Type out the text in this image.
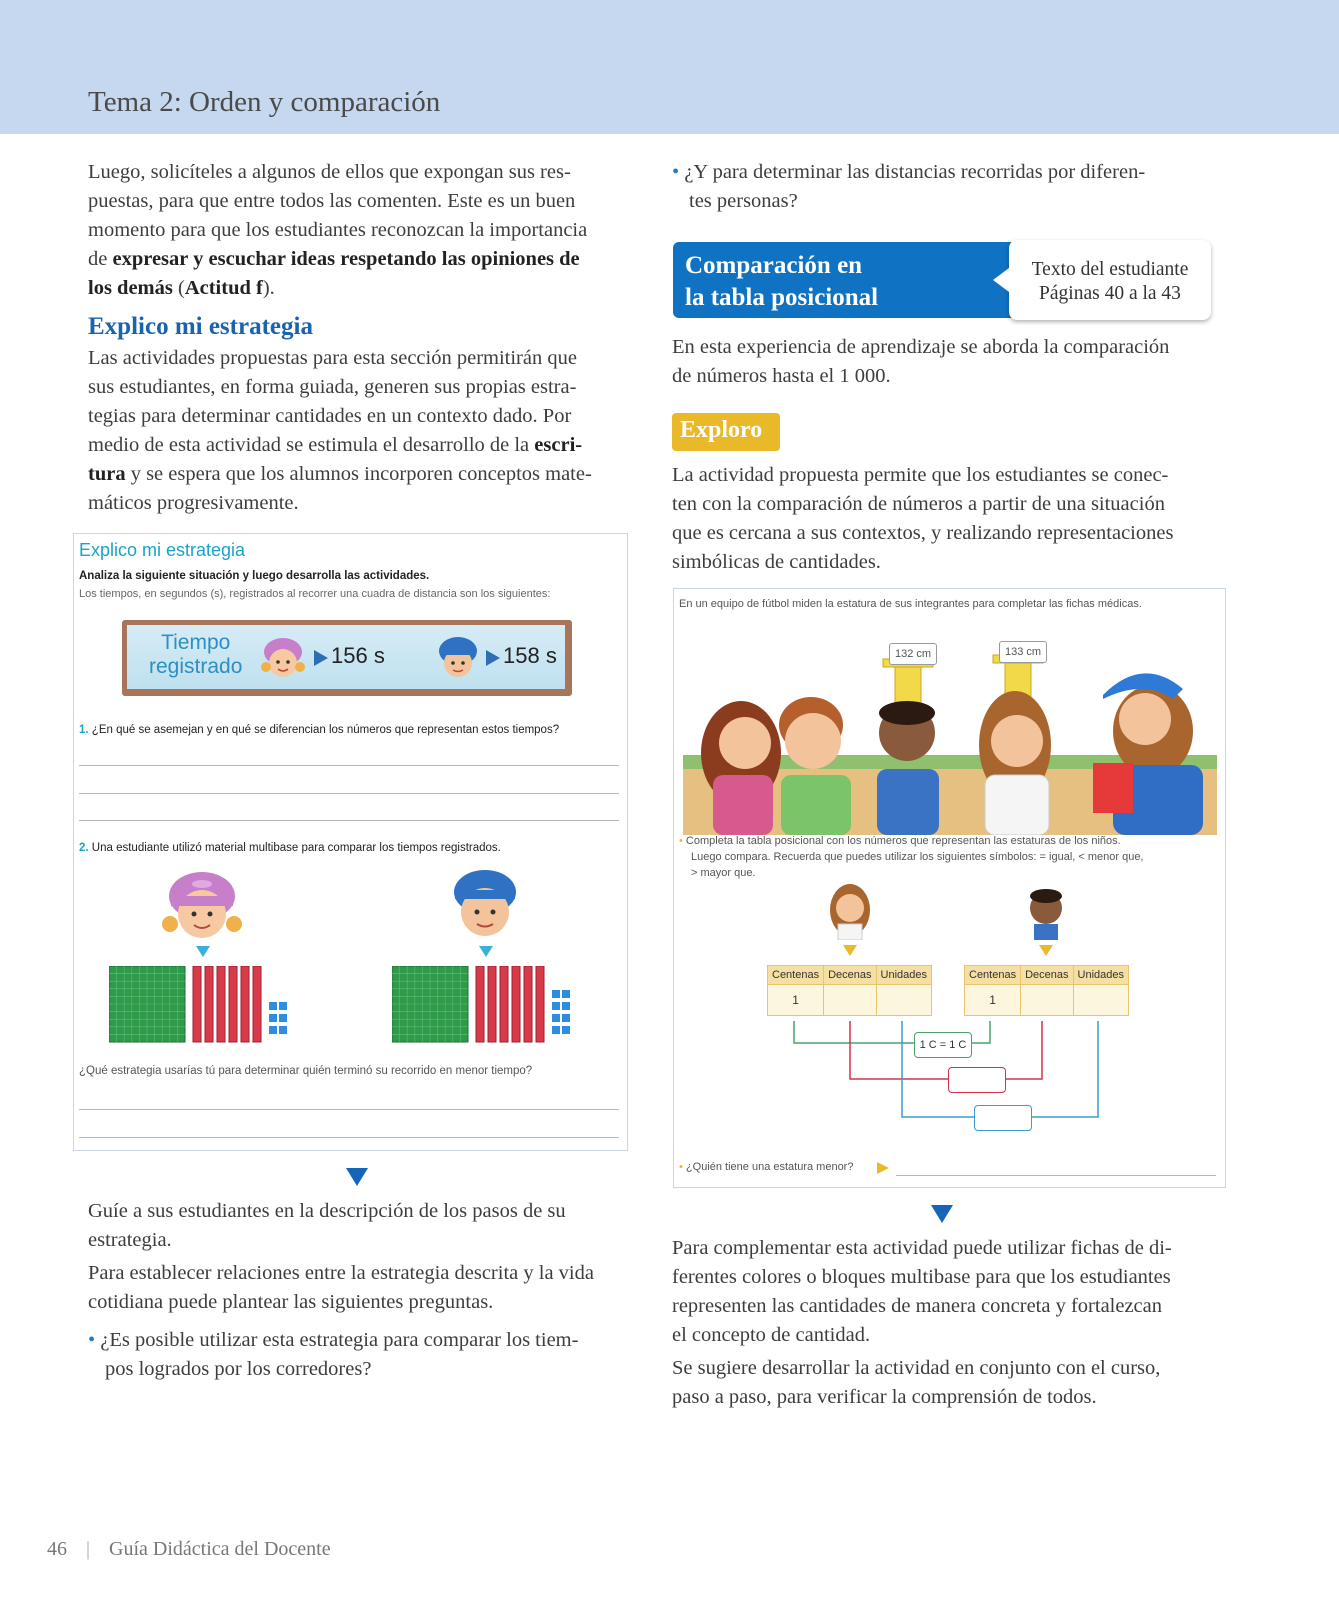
Tema 2: Orden y comparación
Luego, solicíteles a algunos de ellos que expongan sus res-
puestas, para que entre todos las comenten. Este es un buen
momento para que los estudiantes reconozcan la importancia
de expresar y escuchar ideas respetando las opiniones de
los demás (Actitud f).
Explico mi estrategia
Las actividades propuestas para esta sección permitirán que
sus estudiantes, en forma guiada, generen sus propias estra-
tegias para determinar cantidades en un contexto dado. Por
medio de esta actividad se estimula el desarrollo de la escri-
tura y se espera que los alumnos incorporen conceptos mate-
máticos progresivamente.
Explico mi estrategia
Analiza la siguiente situación y luego desarrolla las actividades.
Los tiempos, en segundos (s), registrados al recorrer una cuadra de distancia son los siguientes:
Tiempo
registrado	156 s	158 s
1. ¿En qué se asemejan y en qué se diferencian los números que representan estos tiempos?
2. Una estudiante utilizó material multibase para comparar los tiempos registrados.
¿Qué estrategia usarías tú para determinar quién terminó su recorrido en menor tiempo?
Guíe a sus estudiantes en la descripción de los pasos de su
estrategia.
Para establecer relaciones entre la estrategia descrita y la vida
cotidiana puede plantear las siguientes preguntas.
• ¿Es posible utilizar esta estrategia para comparar los tiem-
pos logrados por los corredores?
• ¿Y para determinar las distancias recorridas por diferen-
tes personas?
Comparación en
la tabla posicional
Texto del estudiante
Páginas 40 a la 43
En esta experiencia de aprendizaje se aborda la comparación
de números hasta el 1 000.
Exploro
La actividad propuesta permite que los estudiantes se conec-
ten con la comparación de números a partir de una situación
que es cercana a sus contextos, y realizando representaciones
simbólicas de cantidades.
En un equipo de fútbol miden la estatura de sus integrantes para completar las fichas médicas.
132 cm	133 cm
• Completa la tabla posicional con los números que representan las estaturas de los niños.
Luego compara. Recuerda que puedes utilizar los siguientes símbolos: = igual, < menor que,
> mayor que.
Centenas	Decenas	Unidades
1		
Centenas	Decenas	Unidades
1		
1 C = 1 C
• ¿Quién tiene una estatura menor?
Para complementar esta actividad puede utilizar fichas de di-
ferentes colores o bloques multibase para que los estudiantes
representen las cantidades de manera concreta y fortalezcan
el concepto de cantidad.
Se sugiere desarrollar la actividad en conjunto con el curso,
paso a paso, para verificar la comprensión de todos.
46 | Guía Didáctica del Docente
